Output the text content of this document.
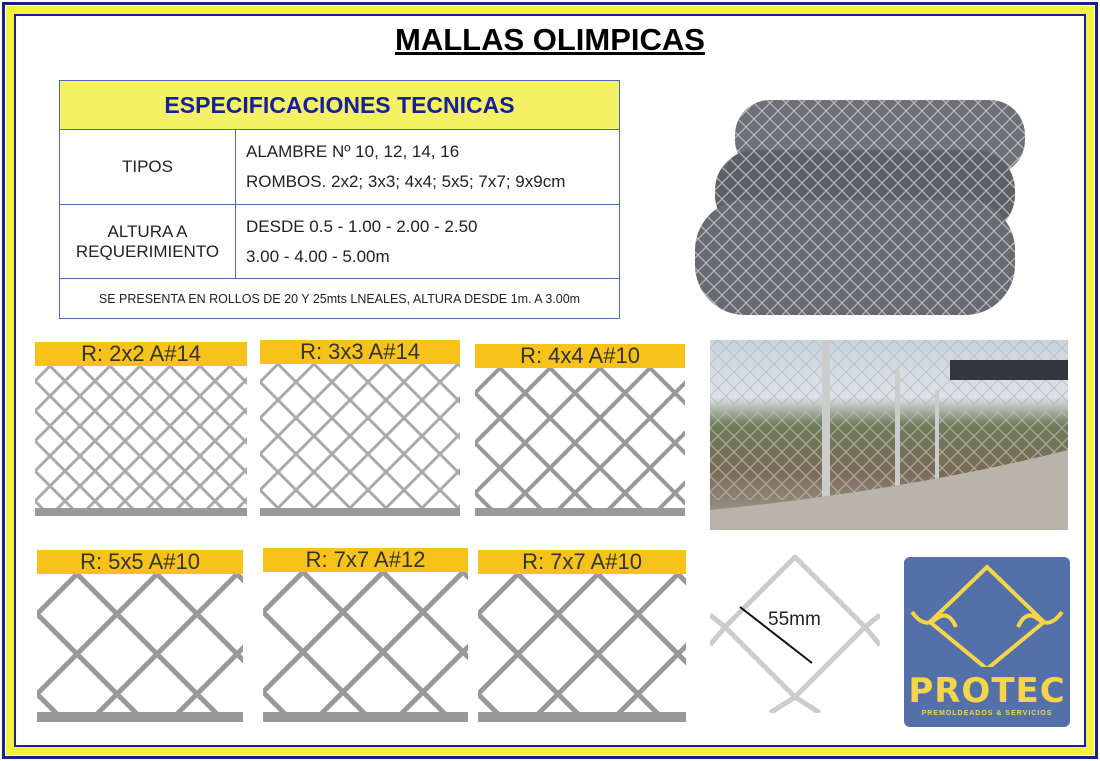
MALLAS OLIMPICAS
ESPECIFICACIONES TECNICAS	
TIPOS	ALAMBRE Nº 10, 12, 14, 16
ROMBOS. 2x2; 3x3; 4x4; 5x5; 7x7; 9x9cm

ALTURA A REQUERIMIENTO	DESDE 0.5 - 1.00 - 2.00 - 2.50
3.00 - 4.00 - 5.00m

SE PRESENTA EN ROLLOS DE 20 Y 25mts LNEALES, ALTURA DESDE 1m. A 3.00m	
R: 2x2 A#14	R: 3x3 A#14	R: 4x4 A#10
R: 5x5 A#10	R: 7x7 A#12	R: 7x7 A#10
55mm
PROTEC
PREMOLDEADOS & SERVICIOS
